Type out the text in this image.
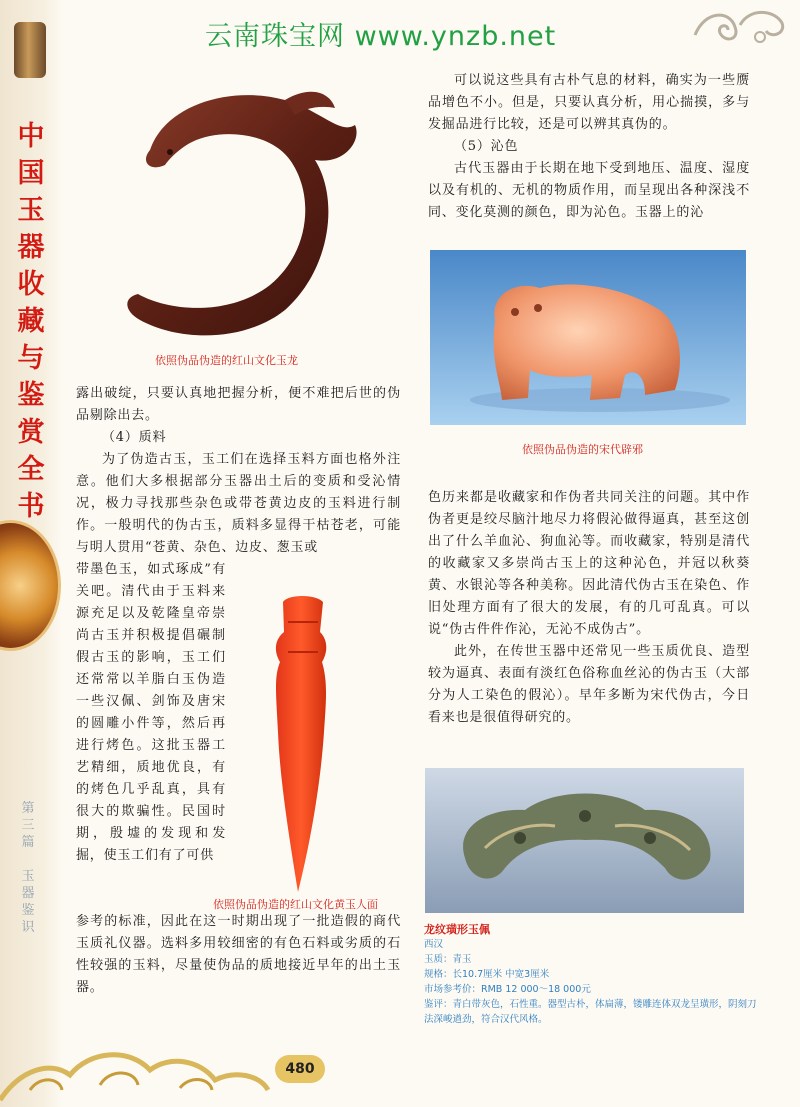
中
国
玉
器
收
藏
与
鉴
赏
全
书
第
三
篇

玉
器
鉴
识
云南珠宝网 www.ynzb.net
依照伪品伪造的红山文化玉龙

露出破绽，只要认真地把握分析，便不难把后世的伪品剔除出去。

（4）质料

为了伪造古玉，玉工们在选择玉料方面也格外注意。他们大多根据部分玉器出土后的变质和受沁情况，极力寻找那些杂色或带苍黄边皮的玉料进行制作。一般明代的伪古玉，质料多显得干枯苍老，可能与明人贯用“苍黄、杂色、边皮、葱玉或

带墨色玉，如式琢成”有关吧。清代由于玉料来源充足以及乾隆皇帝崇尚古玉并积极提倡碾制假古玉的影响，玉工们还常常以羊脂白玉伪造一些汉佩、剑饰及唐宋的圆雕小件等，然后再进行烤色。这批玉器工艺精细，质地优良，有的烤色几乎乱真，具有很大的欺骗性。民国时期，殷墟的发现和发掘，使玉工们有了可供

依照伪品伪造的红山文化黄玉人面

参考的标准，因此在这一时期出现了一批造假的商代玉质礼仪器。选料多用较细密的有色石料或劣质的石性较强的玉料，尽量使伪品的质地接近早年的出土玉器。

可以说这些具有古朴气息的材料，确实为一些赝品增色不小。但是，只要认真分析，用心揣摸，多与发掘品进行比较，还是可以辨其真伪的。

（5）沁色

古代玉器由于长期在地下受到地压、温度、湿度以及有机的、无机的物质作用，而呈现出各种深浅不同、变化莫测的颜色，即为沁色。玉器上的沁

依照伪品伪造的宋代辟邪

色历来都是收藏家和作伪者共同关注的问题。其中作伪者更是绞尽脑汁地尽力将假沁做得逼真，甚至这创出了什么羊血沁、狗血沁等。而收藏家，特别是清代的收藏家又多崇尚古玉上的这种沁色，并冠以秋葵黄、水银沁等各种美称。因此清代伪古玉在染色、作旧处理方面有了很大的发展，有的几可乱真。可以说“伪古件件作沁，无沁不成伪古”。

此外，在传世玉器中还常见一些玉质优良、造型较为逼真、表面有淡红色俗称血丝沁的伪古玉（大部分为人工染色的假沁）。早年多断为宋代伪古，今日看来也是很值得研究的。

龙纹璜形玉佩
西汉
玉质：青玉
规格：长10.7厘米 中宽3厘米
市场参考价：RMB 12 000～18 000元
鉴评：青白带灰色，石性重。器型古朴，体扁薄，镂雕连体双龙呈璜形，阴刻刀法深峻遒劲，符合汉代风格。
480
